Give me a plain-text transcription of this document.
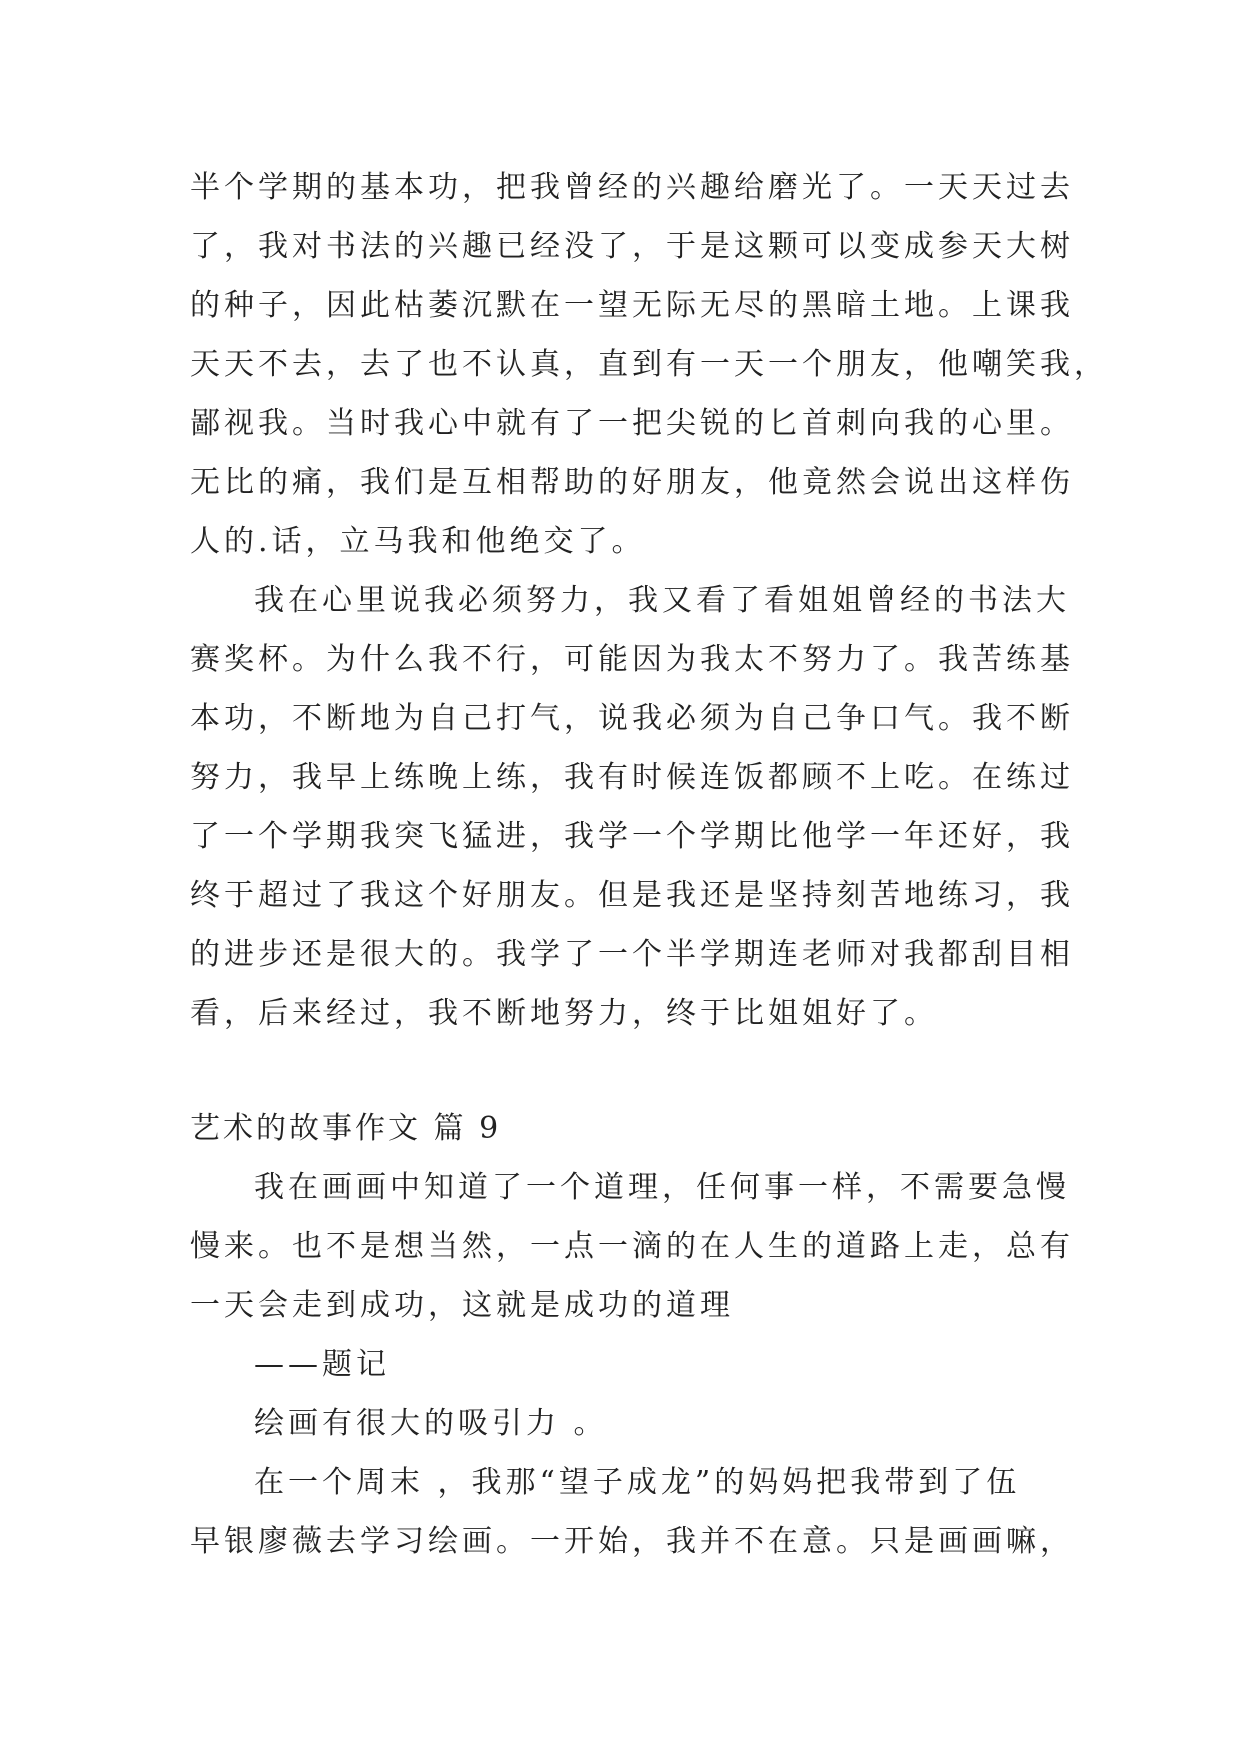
半个学期的基本功，把我曾经的兴趣给磨光了。一天天过去
了，我对书法的兴趣已经没了，于是这颗可以变成参天大树
的种子，因此枯萎沉默在一望无际无尽的黑暗土地。上课我
天天不去，去了也不认真，直到有一天一个朋友，他嘲笑我，
鄙视我。当时我心中就有了一把尖锐的匕首刺向我的心里。
无比的痛，我们是互相帮助的好朋友，他竟然会说出这样伤
人的.话，立马我和他绝交了。
我在心里说我必须努力，我又看了看姐姐曾经的书法大
赛奖杯。为什么我不行，可能因为我太不努力了。我苦练基
本功，不断地为自己打气，说我必须为自己争口气。我不断
努力，我早上练晚上练，我有时候连饭都顾不上吃。在练过
了一个学期我突飞猛进，我学一个学期比他学一年还好，我
终于超过了我这个好朋友。但是我还是坚持刻苦地练习，我
的进步还是很大的。我学了一个半学期连老师对我都刮目相
看，后来经过，我不断地努力，终于比姐姐好了。
艺术的故事作文 篇 9
我在画画中知道了一个道理，任何事一样，不需要急慢
慢来。也不是想当然，一点一滴的在人生的道路上走，总有
一天会走到成功，这就是成功的道理
——题记
绘画有很大的吸引力 。
在一个周末 ，我那“望子成龙”的妈妈把我带到了伍
早银廖薇去学习绘画。一开始，我并不在意。只是画画嘛，
